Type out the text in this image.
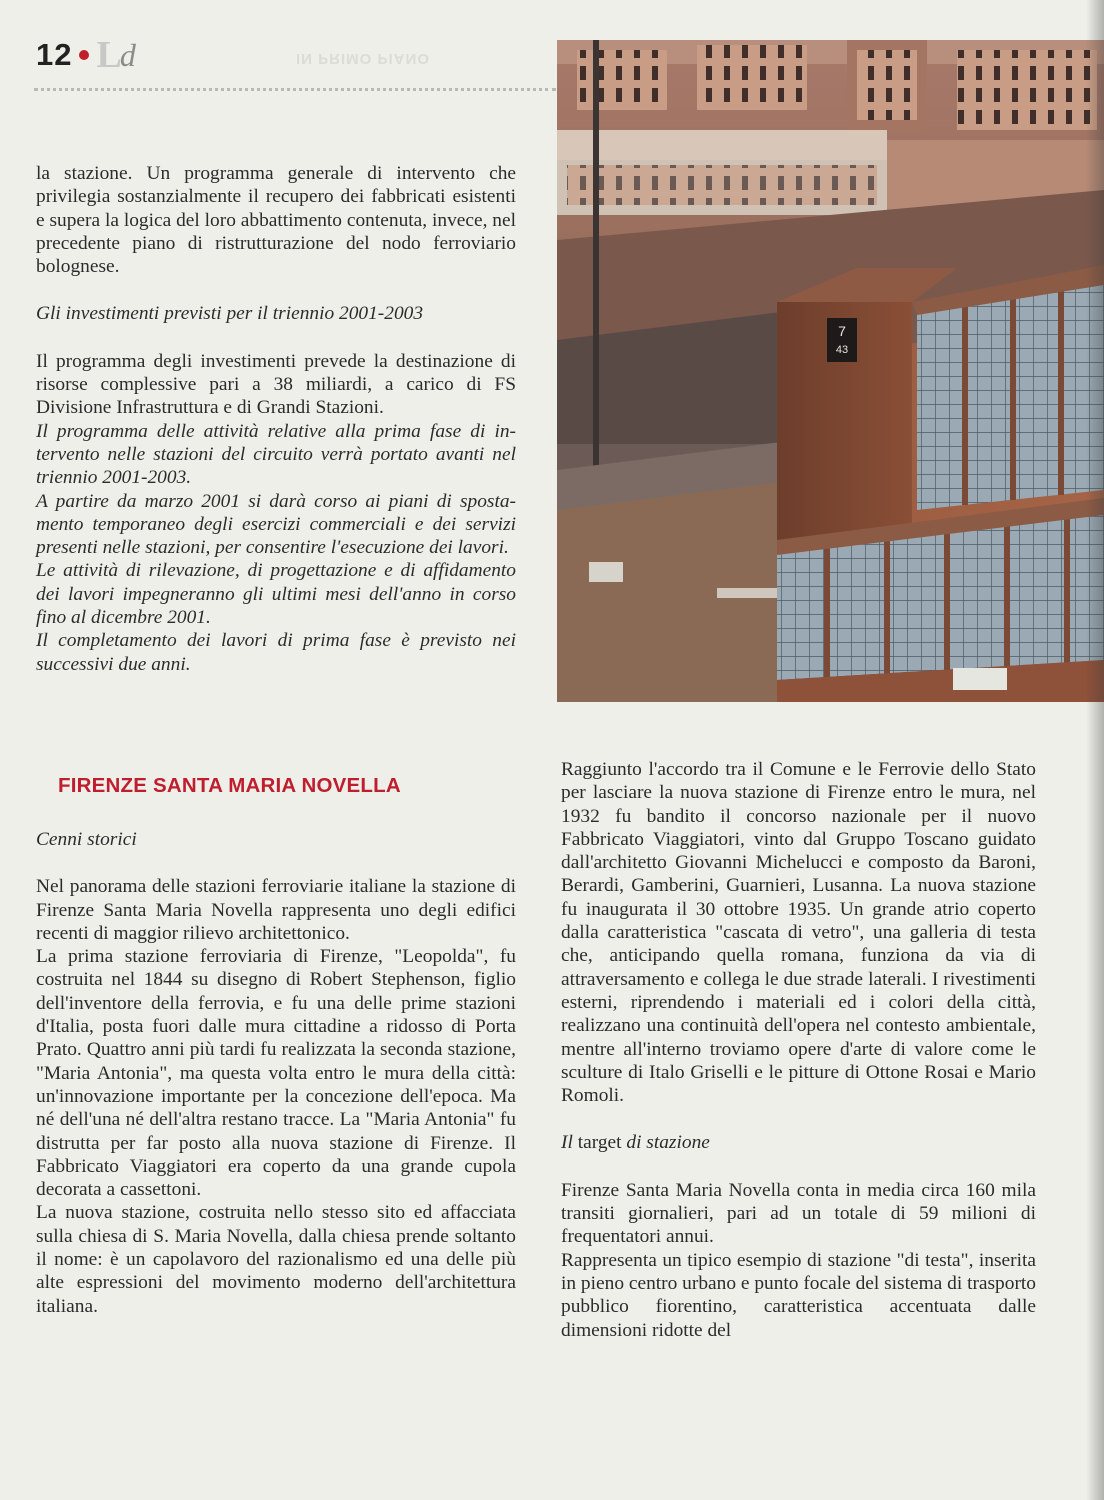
12 L
d	IN PRIMO PIANO

la stazione. Un programma generale di intervento che privilegia sostanzialmente il recupero dei fabbricati esistenti e supera la logica del loro abbattimento contenuta, invece, nel precedente piano di ristrutturazione del nodo ferroviario bolognese.

Gli investimenti previsti per il triennio 2001-2003

Il programma degli investimenti prevede la destinazione di risorse complessive pari a 38 miliardi, a carico di FS Divisione Infrastruttura e di Grandi Stazioni.

Il programma delle attività relative alla prima fase di intervento nelle stazioni del circuito verrà portato avanti nel triennio 2001-2003.

A partire da marzo 2001 si darà corso ai piani di spostamento temporaneo degli esercizi commerciali e dei servizi presenti nelle stazioni, per consentire l'esecuzione dei lavori.

Le attività di rilevazione, di progettazione e di affidamento dei lavori impegneranno gli ultimi mesi dell'anno in corso fino al dicembre 2001.

Il completamento dei lavori di prima fase è previsto nei successivi due anni.

FIRENZE SANTA MARIA NOVELLA

Cenni storici

Nel panorama delle stazioni ferroviarie italiane la stazione di Firenze Santa Maria Novella rappresenta uno degli edifici recenti di maggior rilievo architettonico.

La prima stazione ferroviaria di Firenze, "Leopolda", fu costruita nel 1844 su disegno di Robert Stephenson, figlio dell'inventore della ferrovia, e fu una delle prime stazioni d'Italia, posta fuori dalle mura cittadine a ridosso di Porta Prato. Quattro anni più tardi fu realizzata la seconda stazione, "Maria Antonia", ma questa volta entro le mura della città: un'innovazione importante per la concezione dell'epoca. Ma né dell'una né dell'altra restano tracce. La "Maria Antonia" fu distrutta per far posto alla nuova stazione di Firenze. Il Fabbricato Viaggiatori era coperto da una grande cupola decorata a cassettoni.

La nuova stazione, costruita nello stesso sito ed affacciata sulla chiesa di S. Maria Novella, dalla chiesa prende soltanto il nome: è un capolavoro del razionalismo ed una delle più alte espressioni del movimento moderno dell'architettura italiana.

Raggiunto l'accordo tra il Comune e le Ferrovie dello Stato per lasciare la nuova stazione di Firenze entro le mura, nel 1932 fu bandito il concorso nazionale per il nuovo Fabbricato Viaggiatori, vinto dal Gruppo Toscano guidato dall'architetto Giovanni Michelucci e composto da Baroni, Berardi, Gamberini, Guarnieri, Lusanna. La nuova stazione fu inaugurata il 30 ottobre 1935. Un grande atrio coperto dalla caratteristica "cascata di vetro", una galleria di testa che, anticipando quella romana, funziona da via di attraversamento e collega le due strade laterali. I rivestimenti esterni, riprendendo i materiali ed i colori della città, realizzano una continuità dell'opera nel contesto ambientale, mentre all'interno troviamo opere d'arte di valore come le sculture di Italo Griselli e le pitture di Ottone Rosai e Mario Romoli.

Il target di stazione

Firenze Santa Maria Novella conta in media circa 160 mila transiti giornalieri, pari ad un totale di 59 milioni di frequentatori annui.

Rappresenta un tipico esempio di stazione "di testa", inserita in pieno centro urbano e punto focale del sistema di trasporto pubblico fiorentino, caratteristica accentuata dalle dimensioni ridotte del

7
43
